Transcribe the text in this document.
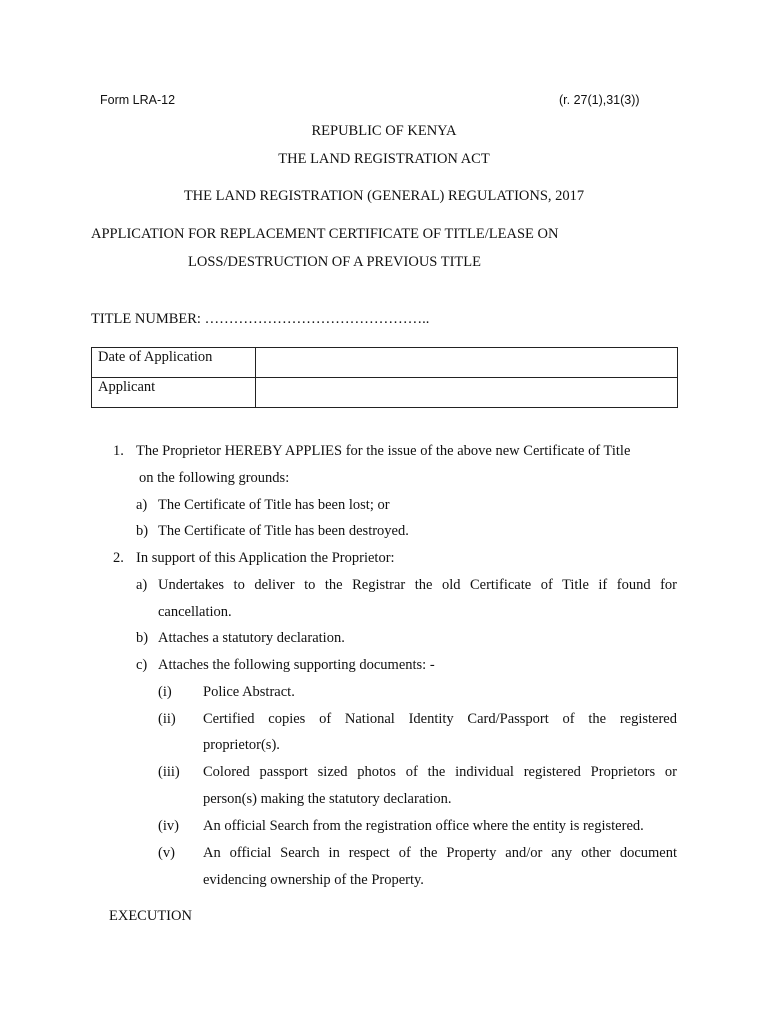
Form LRA-12	(r. 27(1),31(3))
REPUBLIC OF KENYA
THE LAND REGISTRATION ACT
THE LAND REGISTRATION (GENERAL) REGULATIONS, 2017
APPLICATION FOR REPLACEMENT CERTIFICATE OF TITLE/LEASE ON
LOSS/DESTRUCTION OF A PREVIOUS TITLE
TITLE NUMBER: ………………………………………..
Date of Application	
Applicant	
1. The Proprietor HEREBY APPLIES for the issue of the above new Certificate of Title
on the following grounds:
a) The Certificate of Title has been lost; or
b) The Certificate of Title has been destroyed.
2. In support of this Application the Proprietor:
a) Undertakes to deliver to the Registrar the old Certificate of Title if found for
cancellation.
b) Attaches a statutory declaration.
c) Attaches the following supporting documents: -
(i) Police Abstract.
(ii) Certified copies of National Identity Card/Passport of the registered
proprietor(s).
(iii) Colored passport sized photos of the individual registered Proprietors or
person(s) making the statutory declaration.
(iv) An official Search from the registration office where the entity is registered.
(v) An official Search in respect of the Property and/or any other document
evidencing ownership of the Property.
EXECUTION
